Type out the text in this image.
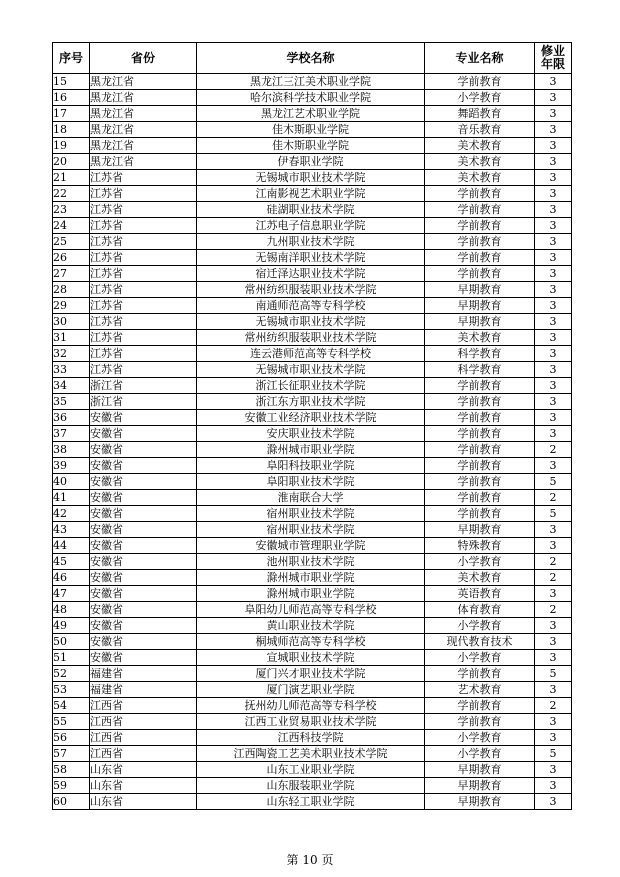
序号	省份	学校名称	专业名称	修业
年限
15	黑龙江省	黑龙江三江美术职业学院	学前教育	3
16	黑龙江省	哈尔滨科学技术职业学院	小学教育	3
17	黑龙江省	黑龙江艺术职业学院	舞蹈教育	3
18	黑龙江省	佳木斯职业学院	音乐教育	3
19	黑龙江省	佳木斯职业学院	美术教育	3
20	黑龙江省	伊春职业学院	美术教育	3
21	江苏省	无锡城市职业技术学院	美术教育	3
22	江苏省	江南影视艺术职业学院	学前教育	3
23	江苏省	硅湖职业技术学院	学前教育	3
24	江苏省	江苏电子信息职业学院	学前教育	3
25	江苏省	九州职业技术学院	学前教育	3
26	江苏省	无锡南洋职业技术学院	学前教育	3
27	江苏省	宿迁泽达职业技术学院	学前教育	3
28	江苏省	常州纺织服装职业技术学院	早期教育	3
29	江苏省	南通师范高等专科学校	早期教育	3
30	江苏省	无锡城市职业技术学院	早期教育	3
31	江苏省	常州纺织服装职业技术学院	美术教育	3
32	江苏省	连云港师范高等专科学校	科学教育	3
33	江苏省	无锡城市职业技术学院	科学教育	3
34	浙江省	浙江长征职业技术学院	学前教育	3
35	浙江省	浙江东方职业技术学院	学前教育	3
36	安徽省	安徽工业经济职业技术学院	学前教育	3
37	安徽省	安庆职业技术学院	学前教育	3
38	安徽省	滁州城市职业学院	学前教育	2
39	安徽省	阜阳科技职业学院	学前教育	3
40	安徽省	阜阳职业技术学院	学前教育	5
41	安徽省	淮南联合大学	学前教育	2
42	安徽省	宿州职业技术学院	学前教育	5
43	安徽省	宿州职业技术学院	早期教育	3
44	安徽省	安徽城市管理职业学院	特殊教育	3
45	安徽省	池州职业技术学院	小学教育	2
46	安徽省	滁州城市职业学院	美术教育	2
47	安徽省	滁州城市职业学院	英语教育	3
48	安徽省	阜阳幼儿师范高等专科学校	体育教育	2
49	安徽省	黄山职业技术学院	小学教育	3
50	安徽省	桐城师范高等专科学校	现代教育技术	3
51	安徽省	宣城职业技术学院	小学教育	3
52	福建省	厦门兴才职业技术学院	学前教育	5
53	福建省	厦门演艺职业学院	艺术教育	3
54	江西省	抚州幼儿师范高等专科学校	学前教育	2
55	江西省	江西工业贸易职业技术学院	学前教育	3
56	江西省	江西科技学院	小学教育	3
57	江西省	江西陶瓷工艺美术职业技术学院	小学教育	5
58	山东省	山东工业职业学院	早期教育	3
59	山东省	山东服装职业学院	早期教育	3
60	山东省	山东轻工职业学院	早期教育	3
第 10 页
